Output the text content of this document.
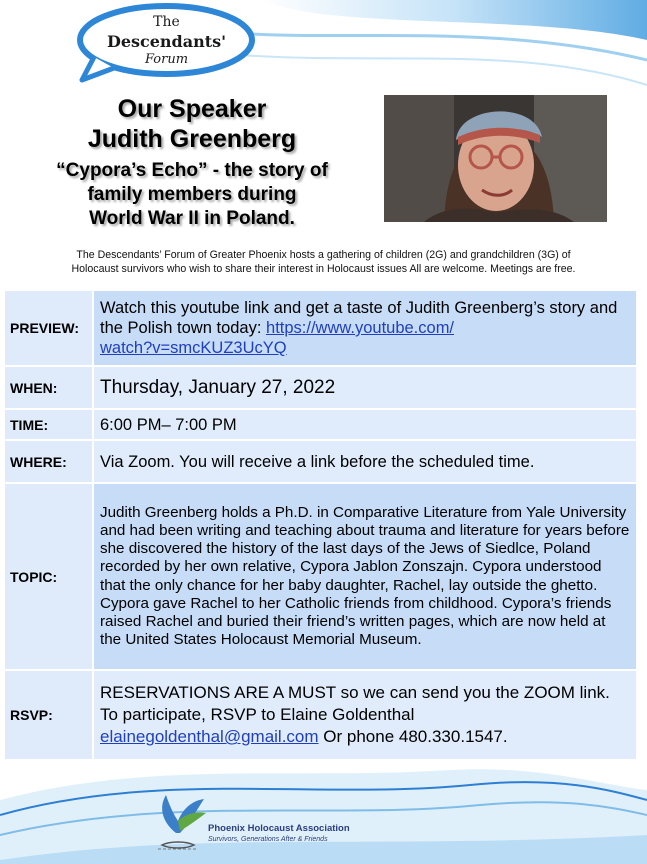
The
Descendants'
Forum
Our Speaker
Judith Greenberg
“Cypora’s Echo” - the story of
family members during
World War II in Poland.
The Descendants’ Forum of Greater Phoenix hosts a gathering of children (2G) and grandchildren (3G) of
Holocaust survivors who wish to share their interest in Holocaust issues All are welcome. Meetings are free.
PREVIEW:	Watch this youtube link and get a taste of Judith Greenberg’s story and the Polish town today: https://www.youtube.com/
watch?v=smcKUZ3UcYQ
WHEN:	Thursday, January 27, 2022
TIME:	6:00 PM– 7:00 PM
WHERE:	Via Zoom. You will receive a link before the scheduled time.
TOPIC:	Judith Greenberg holds a Ph.D. in Comparative Literature from Yale University and had been writing and teaching about trauma and literature for years before she discovered the history of the last days of the Jews of Siedlce, Poland recorded by her own relative, Cypora Jablon Zonszajn. Cypora understood that the only chance for her baby daughter, Rachel, lay outside the ghetto. Cypora gave Rachel to her Catholic friends from childhood. Cypora’s friends raised Rachel and buried their friend’s written pages, which are now held at the United States Holocaust Memorial Museum.
RSVP:	RESERVATIONS ARE A MUST so we can send you the ZOOM link. To participate, RSVP to Elaine Goldenthal elainegoldenthal@gmail.com Or phone 480.330.1547.
Phoenix Holocaust Association
Survivors, Generations After & Friends
